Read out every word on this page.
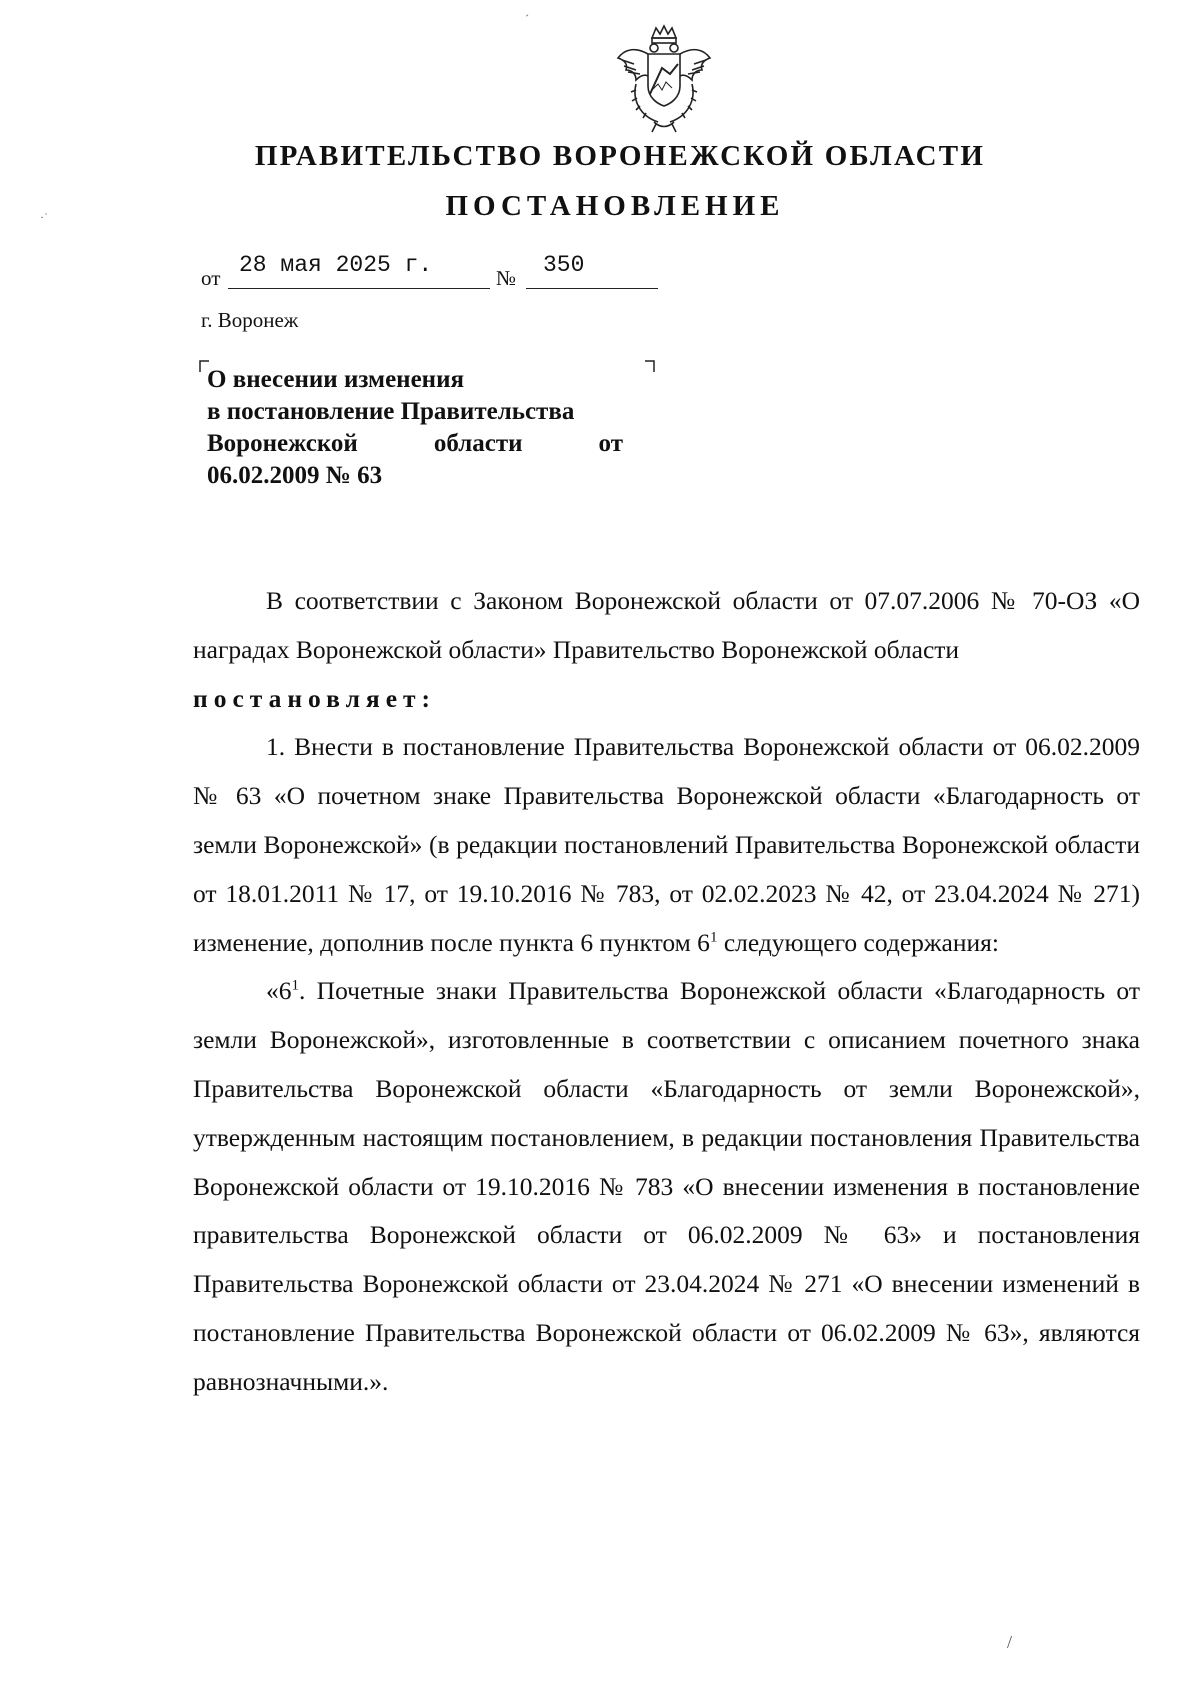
´
·˙
ПРАВИТЕЛЬСТВО ВОРОНЕЖСКОЙ ОБЛАСТИ
ПОСТАНОВЛЕНИЕ
от 28 мая 2025 г.	№ 350
г. Воронеж
О внесении изменения
в постановление Правительства
Воронежской области от
06.02.2009 № 63

В соответствии с Законом Воронежской области от 07.07.2006 № 70-ОЗ «О наградах Воронежской области» Правительство Воронежской области

постановляет:

1. Внести в постановление Правительства Воронежской области от 06.02.2009 № 63 «О почетном знаке Правительства Воронежской области «Благодарность от земли Воронежской» (в редакции постановлений Правительства Воронежской области от 18.01.2011 № 17, от 19.10.2016 № 783, от 02.02.2023 № 42, от 23.04.2024 № 271) изменение, дополнив после пункта 6 пунктом $6^1$ следующего содержания:

«$6^1$. Почетные знаки Правительства Воронежской области «Благодарность от земли Воронежской», изготовленные в соответствии с описанием почетного знака Правительства Воронежской области «Благодарность от земли Воронежской», утвержденным настоящим постановлением, в редакции постановления Правительства Воронежской области от 19.10.2016 № 783 «О внесении изменения в постановление правительства Воронежской области от 06.02.2009 № 63» и постановления Правительства Воронежской области от 23.04.2024 № 271 «О внесении изменений в постановление Правительства Воронежской области от 06.02.2009 № 63», являются равнозначными.».

/
